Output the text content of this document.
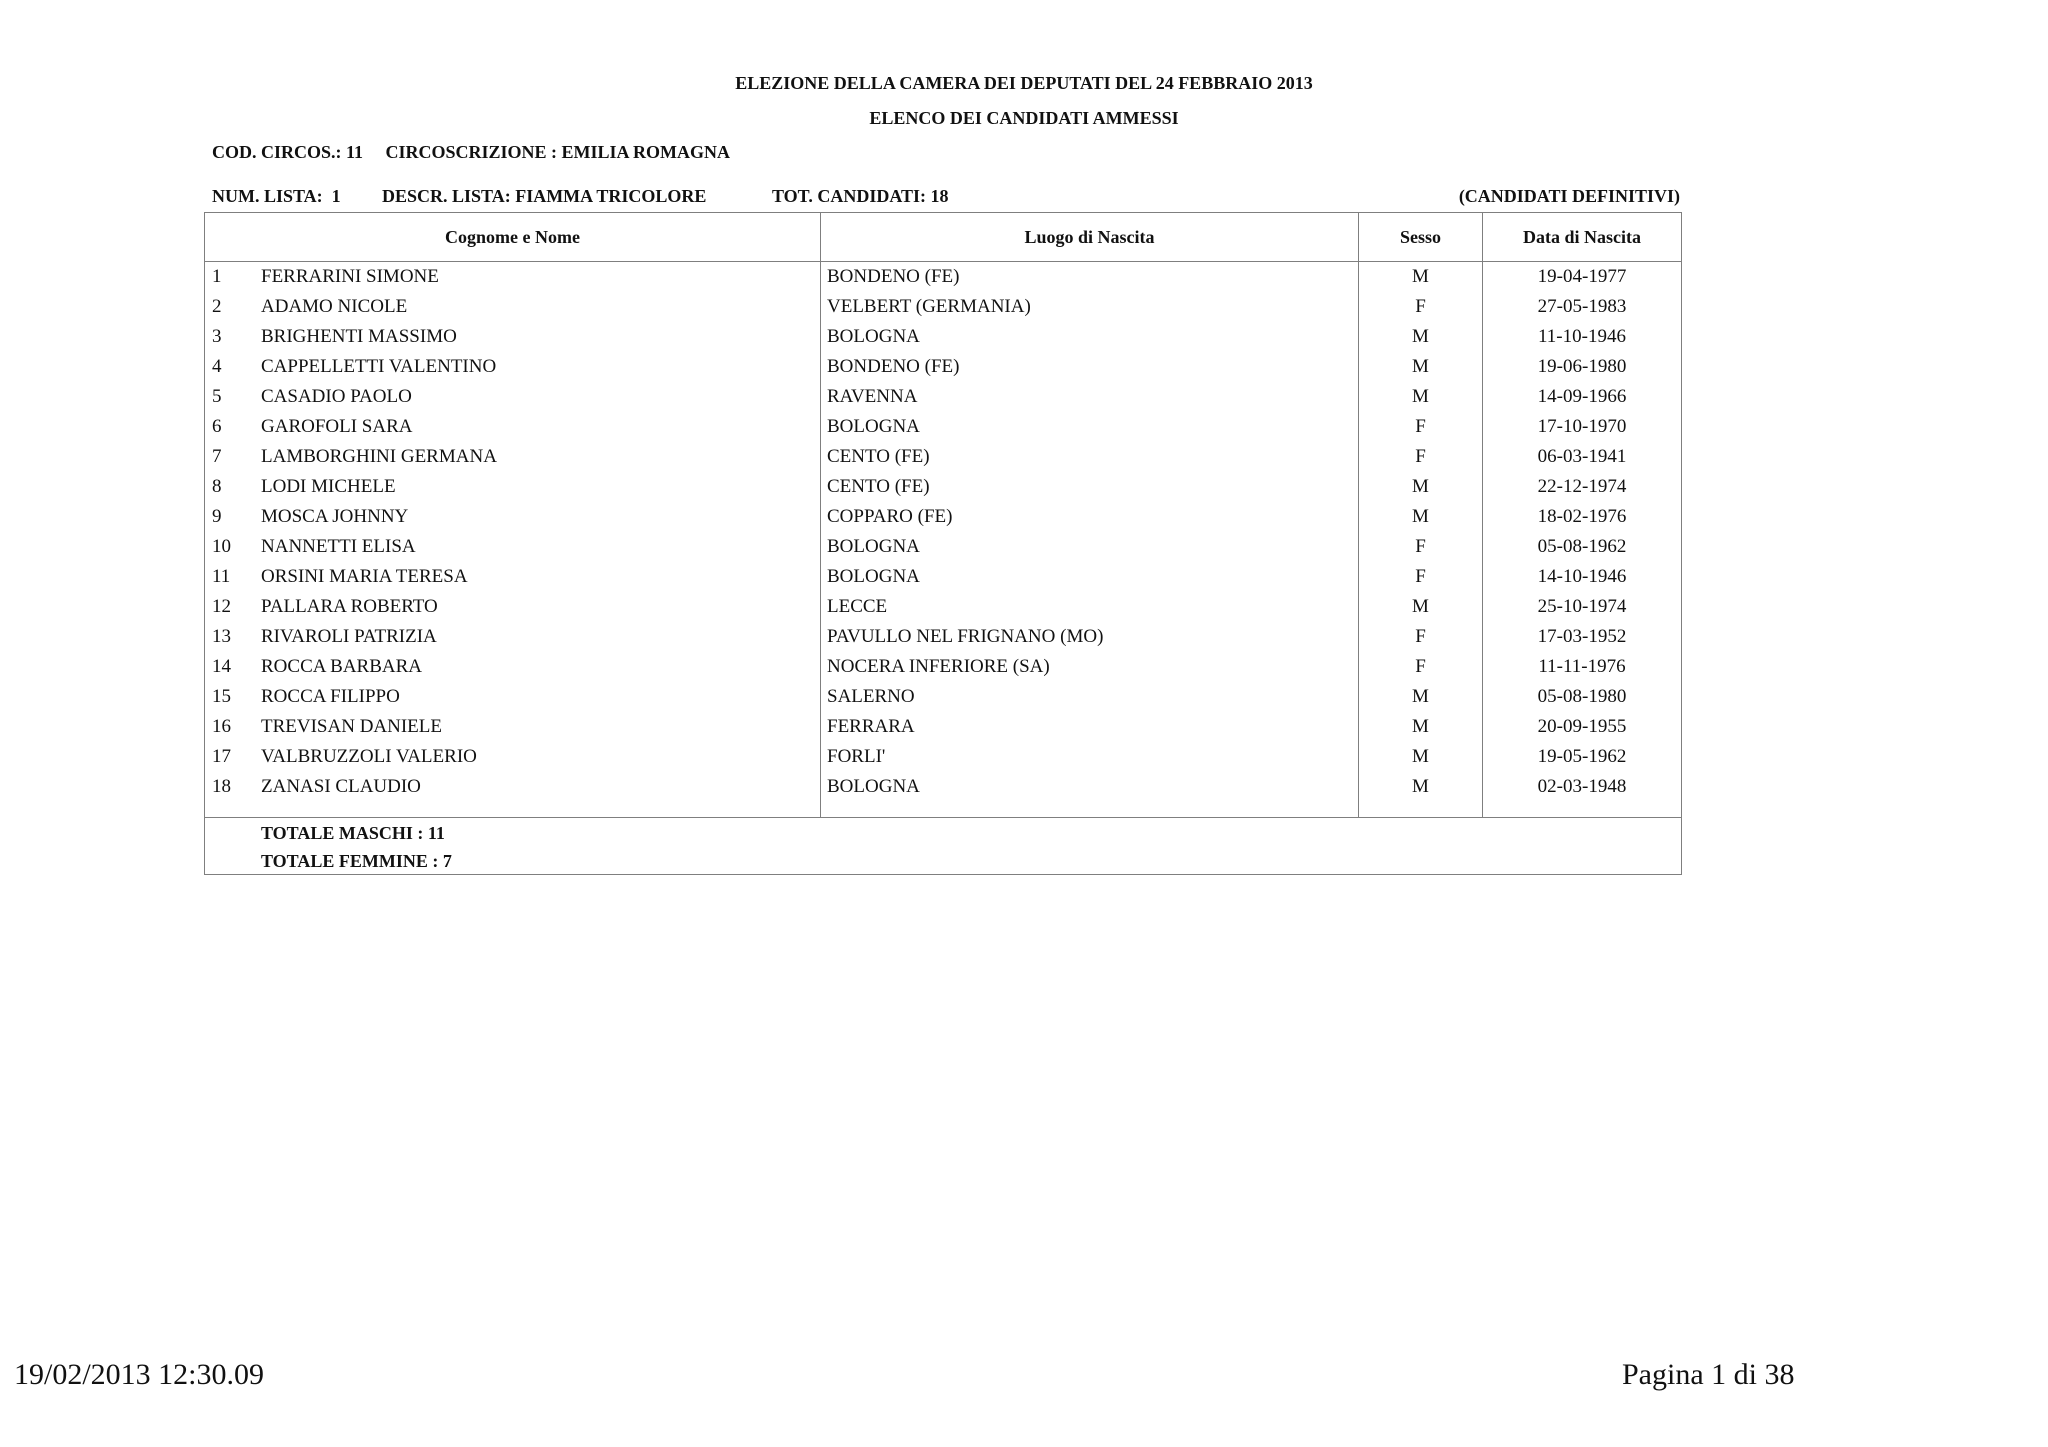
ELEZIONE DELLA CAMERA DEI DEPUTATI DEL 24 FEBBRAIO 2013
ELENCO DEI CANDIDATI AMMESSI
COD. CIRCOS.: 11     CIRCOSCRIZIONE : EMILIA ROMAGNA
NUM. LISTA:  1 DESCR. LISTA: FIAMMA TRICOLORE	TOT. CANDIDATI: 18	(CANDIDATI DEFINITIVI)
Cognome e Nome	Luogo di Nascita	Sesso	Data di Nascita
1 FERRARINI SIMONE	BONDENO (FE)	M	19-04-1977
2 ADAMO NICOLE	VELBERT (GERMANIA)	F	27-05-1983
3 BRIGHENTI MASSIMO	BOLOGNA	M	11-10-1946
4 CAPPELLETTI VALENTINO	BONDENO (FE)	M	19-06-1980
5 CASADIO PAOLO	RAVENNA	M	14-09-1966
6 GAROFOLI SARA	BOLOGNA	F	17-10-1970
7 LAMBORGHINI GERMANA	CENTO (FE)	F	06-03-1941
8 LODI MICHELE	CENTO (FE)	M	22-12-1974
9 MOSCA JOHNNY	COPPARO (FE)	M	18-02-1976
10 NANNETTI ELISA	BOLOGNA	F	05-08-1962
11 ORSINI MARIA TERESA	BOLOGNA	F	14-10-1946
12 PALLARA ROBERTO	LECCE	M	25-10-1974
13 RIVAROLI PATRIZIA	PAVULLO NEL FRIGNANO (MO)	F	17-03-1952
14 ROCCA BARBARA	NOCERA INFERIORE (SA)	F	11-11-1976
15 ROCCA FILIPPO	SALERNO	M	05-08-1980
16 TREVISAN DANIELE	FERRARA	M	20-09-1955
17 VALBRUZZOLI VALERIO	FORLI'	M	19-05-1962
18 ZANASI CLAUDIO	BOLOGNA	M	02-03-1948
TOTALE MASCHI : 11
TOTALE FEMMINE : 7
19/02/2013 12:30.09	Pagina 1 di 38
